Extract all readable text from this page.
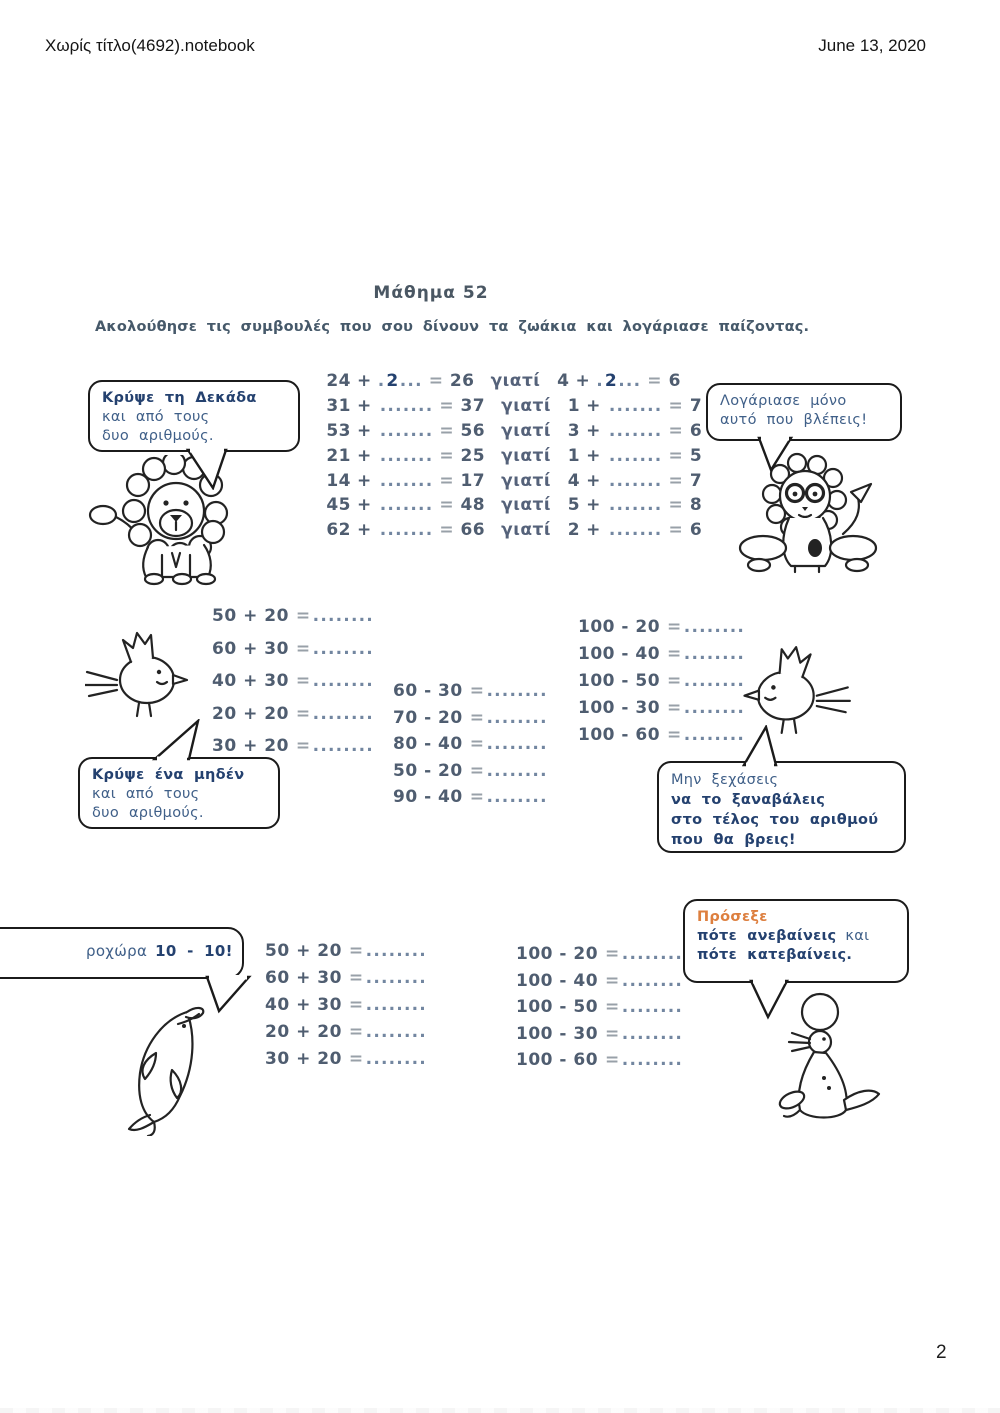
Χωρίς τίτλο(4692).notebook	June 13, 2020
Μάθημα 52
Ακολούθησε τις συμβουλές που σου δίνουν τα ζωάκια και λογάριασε παίζοντας.
Κρύψε τη Δεκάδα
και από τους
δυο αριθμούς.
24 + .2... = 26 γιατί 4 + .2... = 6
31 + ....... = 37 γιατί 1 + ....... = 7
53 + ....... = 56 γιατί 3 + ....... = 6
21 + ....... = 25 γιατί 1 + ....... = 5
14 + ....... = 17 γιατί 4 + ....... = 7
45 + ....... = 48 γιατί 5 + ....... = 8
62 + ....... = 66 γιατί 2 + ....... = 6
Λογάριασε μόνο
αυτό που βλέπεις!
50 + 20 = ........
60 + 30 = ........
40 + 30 = ........
20 + 20 = ........
30 + 20 = ........
60 - 30 = ........
70 - 20 = ........
80 - 40 = ........
50 - 20 = ........
90 - 40 = ........
100 - 20 = ........
100 - 40 = ........
100 - 50 = ........
100 - 30 = ........
100 - 60 = ........
Κρύψε ένα μηδέν
και από τους
δυο αριθμούς.
Μην ξεχάσεις
να το ξαναβάλεις
στο τέλος του αριθμού
που θα βρεις!
ροχώρα 10 - 10! 50 + 20 = ........
60 + 30 = ........
40 + 30 = ........
20 + 20 = ........
30 + 20 = ........
100 - 20 = ........
100 - 40 = ........
100 - 50 = ........
100 - 30 = ........
100 - 60 = ........
Πρόσεξε
πότε ανεβαίνεις και
πότε κατεβαίνεις.
2
